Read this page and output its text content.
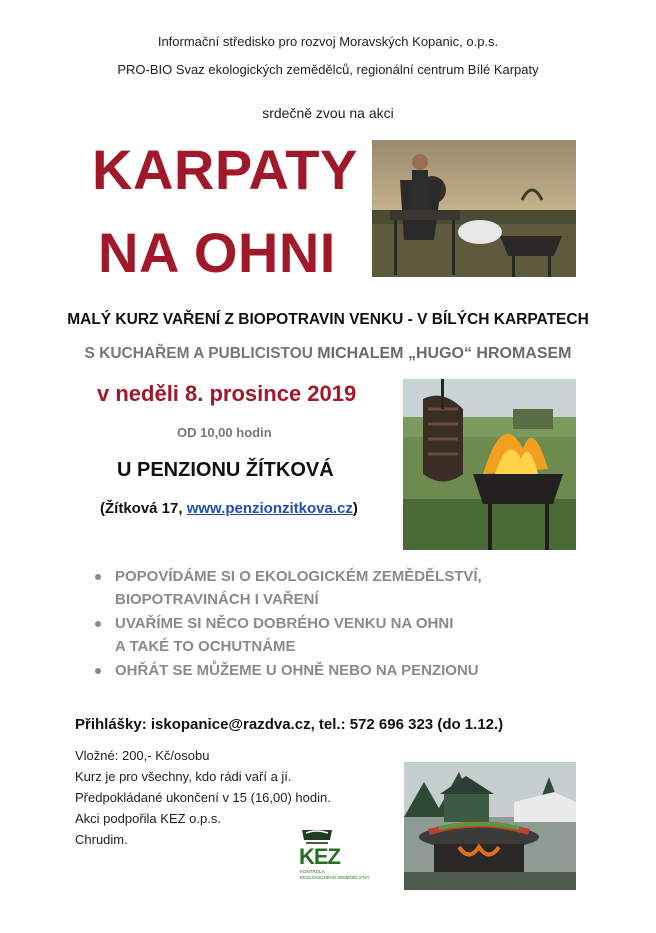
Informační středisko pro rozvoj Moravských Kopanic, o.p.s.
PRO-BIO Svaz ekologických zemědělců, regionální centrum Bílé Karpaty
srdečně zvou na akci
KARPATY
NA OHNI
MALÝ KURZ VAŘENÍ Z BIOPOTRAVIN VENKU - V BÍLÝCH KARPATECH
S KUCHAŘEM A PUBLICISTOU MICHALEM „HUGO“ HROMASEM
v neděli 8. prosince 2019
OD 10,00 hodin
U PENZIONU ŽÍTKOVÁ
(Žítková 17, www.penzionzitkova.cz)
POPOVÍDÁME SI O EKOLOGICKÉM ZEMĚDĚLSTVÍ,
BIOPOTRAVINÁCH I VAŘENÍ
UVAŘÍME SI NĚCO DOBRÉHO VENKU NA OHNI
A TAKÉ TO OCHUTNÁME
OHŘÁT SE MŮŽEME U OHNĚ NEBO NA PENZIONU
Přihlášky: iskopanice@razdva.cz, tel.: 572 696 323 (do 1.12.)
Vložné: 200,- Kč/osobu
Kurz je pro všechny, kdo rádi vaří a jí.
Předpokládané ukončení v 15 (16,00) hodin.
Akci podpořila KEZ o.p.s.
Chrudim.
KEZ
KONTROLA
EKOLOGICKÉHO ZEMĚDĚLSTVÍ
